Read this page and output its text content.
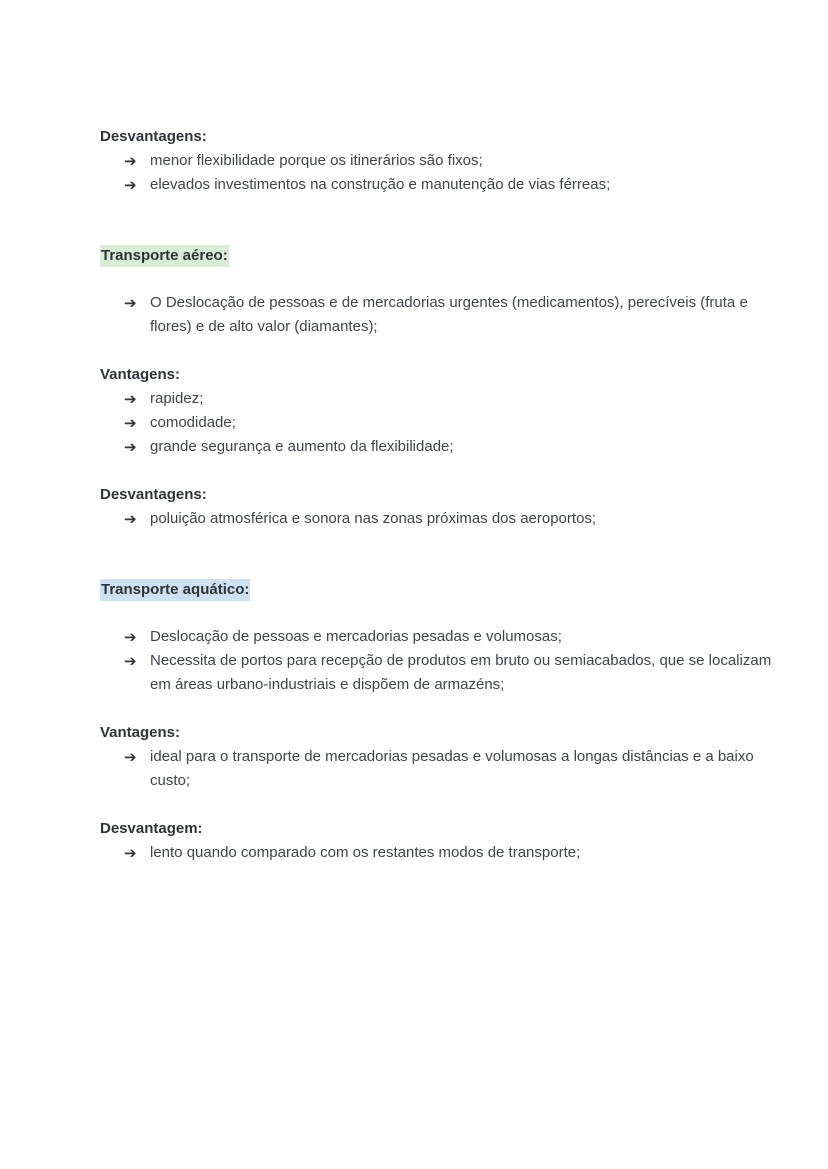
Desvantagens:

➔ menor flexibilidade porque os itinerários são fixos;
➔ elevados investimentos na construção e manutenção de vias férreas;

Transporte aéreo:

➔ O Deslocação de pessoas e de mercadorias urgentes (medicamentos), perecíveis (fruta e flores) e de alto valor (diamantes);

Vantagens:

➔ rapidez;
➔ comodidade;
➔ grande segurança e aumento da flexibilidade;

Desvantagens:

➔ poluição atmosférica e sonora nas zonas próximas dos aeroportos;

Transporte aquático:

➔ Deslocação de pessoas e mercadorias pesadas e volumosas;
➔ Necessita de portos para recepção de produtos em bruto ou semiacabados, que se localizam em áreas urbano-industriais e dispõem de armazéns;

Vantagens:

➔ ideal para o transporte de mercadorias pesadas e volumosas a longas distâncias e a baixo custo;

Desvantagem:

➔ lento quando comparado com os restantes modos de transporte;
